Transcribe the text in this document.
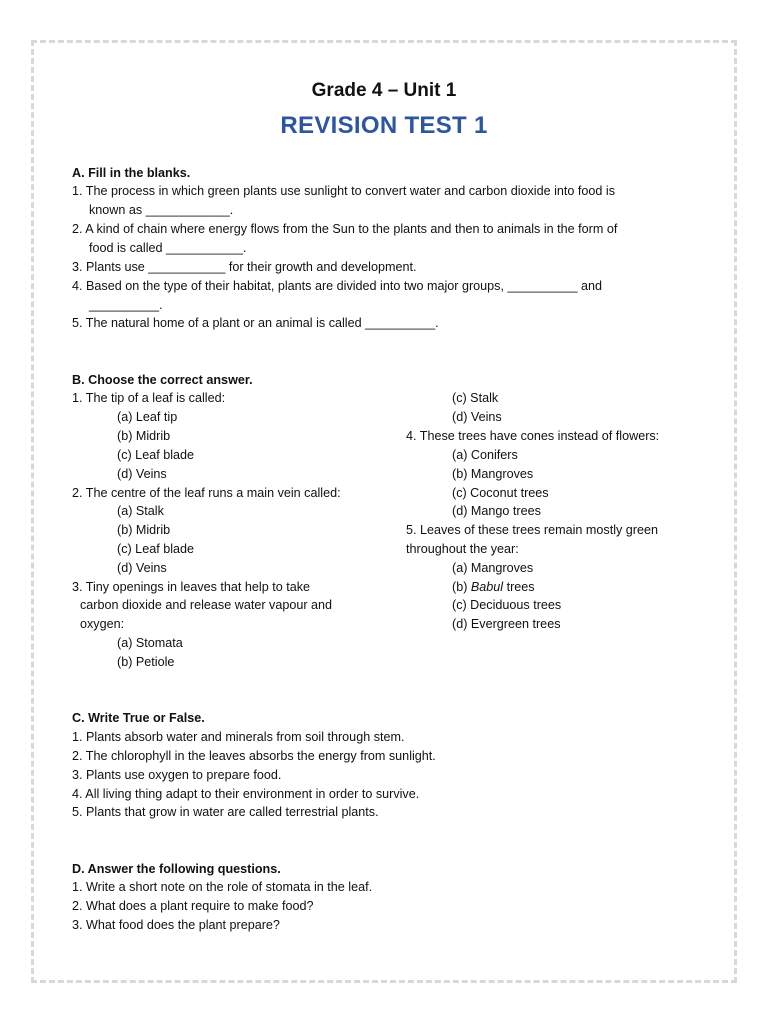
Grade 4 – Unit 1
REVISION TEST 1
A. Fill in the blanks.
1. The process in which green plants use sunlight to convert water and carbon dioxide into food is
known as ____________.
2. A kind of chain where energy flows from the Sun to the plants and then to animals in the form of
food is called ___________.
3. Plants use ___________ for their growth and development.
4. Based on the type of their habitat, plants are divided into two major groups, __________ and
__________.
5. The natural home of a plant or an animal is called __________.
B. Choose the correct answer.
1. The tip of a leaf is called:
(a) Leaf tip
(b) Midrib
(c) Leaf blade
(d) Veins
2. The centre of the leaf runs a main vein called:
(a) Stalk
(b) Midrib
(c) Leaf blade
(d) Veins
3. Tiny openings in leaves that help to take
carbon dioxide and release water vapour and
oxygen:
(a) Stomata
(b) Petiole
(c) Stalk
(d) Veins
4. These trees have cones instead of flowers:
(a) Conifers
(b) Mangroves
(c) Coconut trees
(d) Mango trees
5. Leaves of these trees remain mostly green
throughout the year:
(a) Mangroves
(b) Babul trees
(c) Deciduous trees
(d) Evergreen trees
C. Write True or False.
1. Plants absorb water and minerals from soil through stem.
2. The chlorophyll in the leaves absorbs the energy from sunlight.
3. Plants use oxygen to prepare food.
4. All living thing adapt to their environment in order to survive.
5. Plants that grow in water are called terrestrial plants.
D. Answer the following questions.
1. Write a short note on the role of stomata in the leaf.
2. What does a plant require to make food?
3. What food does the plant prepare?
